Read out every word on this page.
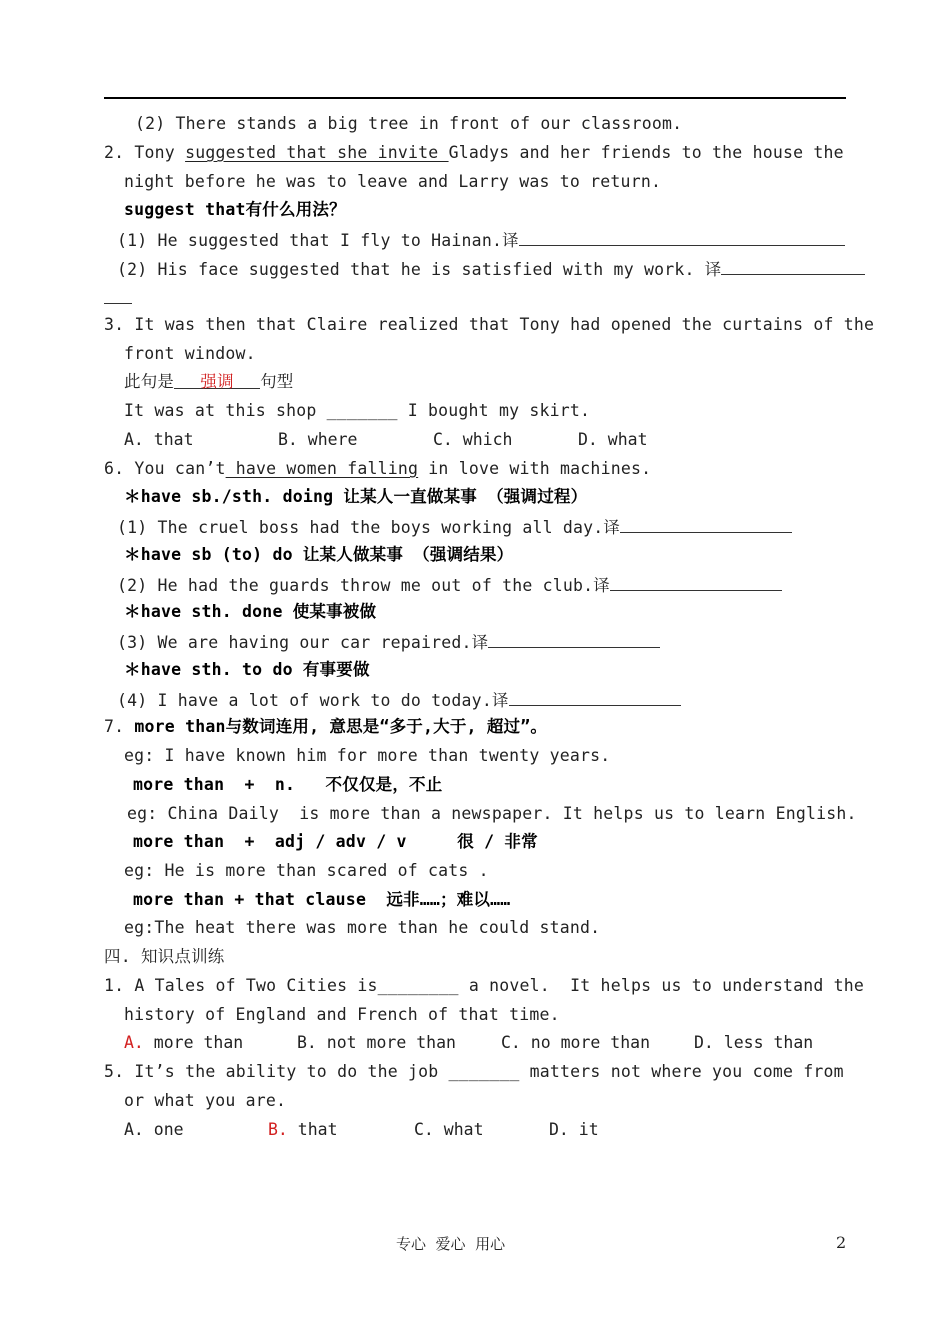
(2) There stands a big tree in front of our classroom.
2. Tony suggested that she invite Gladys and her friends to the house the
night before he was to leave and Larry was to return.
suggest that有什么用法？
(1) He suggested that I fly to Hainan.译
(2) His face suggested that he is satisfied with my work. 译
3. It was then that Claire realized that Tony had opened the curtains of the
front window.
此句是 强调 句型
It was at this shop _______ I bought my skirt.
A. that	B. where	C. which	D. what
6. You can’t have women falling in love with machines.
＊have sb./sth. doing 让某人一直做某事 （强调过程）
(1) The cruel boss had the boys working all day.译
＊have sb (to) do 让某人做某事 （强调结果）
(2) He had the guards throw me out of the club.译
＊have sth. done 使某事被做
(3) We are having our car repaired.译
＊have sth. to do 有事要做
(4) I have a lot of work to do today.译
7. more than与数词连用, 意思是“多于,大于, 超过”。
eg: I have known him for more than twenty years.
more than  +  n.   不仅仅是，不止
eg: China Daily  is more than a newspaper. It helps us to learn English.
more than  +  adj / adv / v     很 / 非常
eg: He is more than scared of cats .
more than + that clause  远非……；难以……
eg:The heat there was more than he could stand.
四. 知识点训练
1. A Tales of Two Cities is________ a novel.  It helps us to understand the
history of England and French of that time.
A. more than	B. not more than	C. no more than	D. less than
5. It’s the ability to do the job _______ matters not where you come from
or what you are.
A. one	B. that	C. what	D. it
专心  爱心  用心	2
